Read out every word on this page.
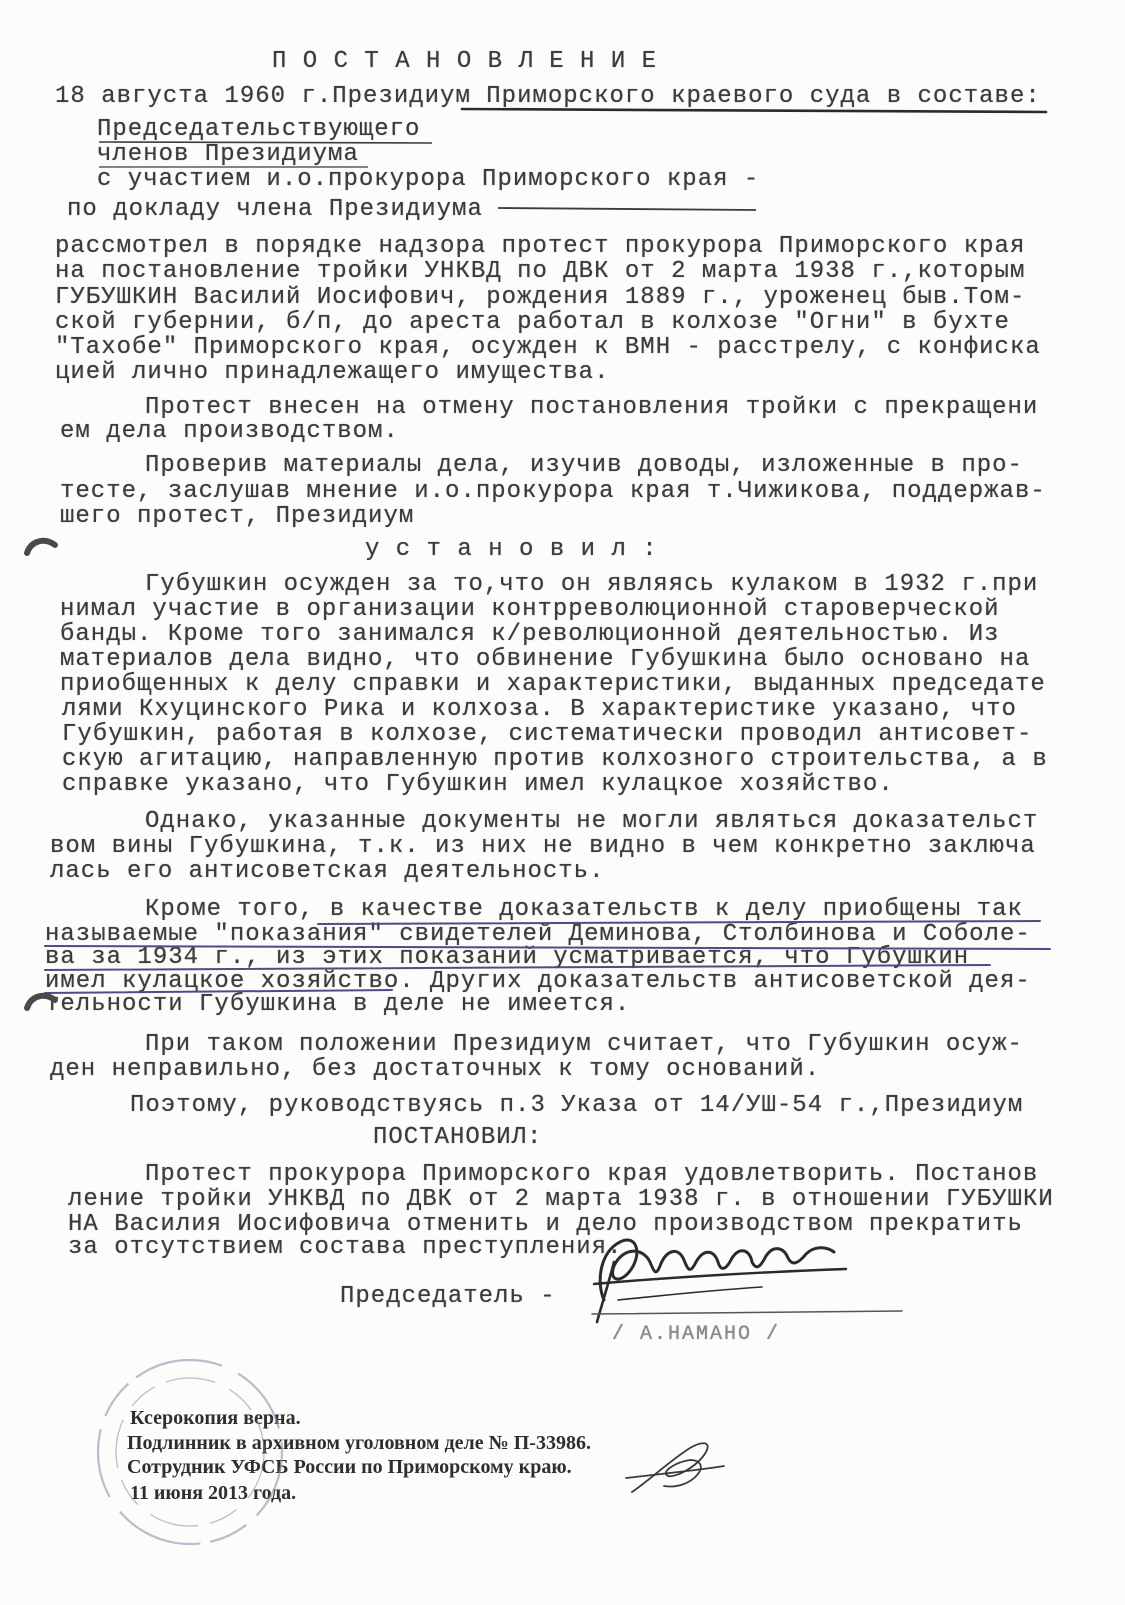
П О С Т А Н О В Л Е Н И Е
18 августа 1960 г.Президиум Приморского краевого суда в составе:
Председательствующего
членов Президиума
с участием и.о.прокурора Приморского края -
по докладу члена Президиума
рассмотрел в порядке надзора протест прокурора Приморского края
на постановление тройки УНКВД по ДВК от 2 марта 1938 г.,которым
ГУБУШКИН Василий Иосифович, рождения 1889 г., уроженец быв.Том-
ской губернии, б/п, до ареста работал в колхозе "Огни" в бухте
"Тахобе" Приморского края, осужден к ВМН - расстрелу, с конфиска
цией лично принадлежащего имущества.
Протест внесен на отмену постановления тройки с прекращени
ем дела производством.
Проверив материалы дела, изучив доводы, изложенные в про-
тесте, заслушав мнение и.о.прокурора края т.Чижикова, поддержав-
шего протест, Президиум
у с т а н о в и л :
Губушкин осужден за то,что он являясь кулаком в 1932 г.при
нимал участие в организации контрреволюционной староверческой
банды. Кроме того занимался к/революционной деятельностью. Из
материалов дела видно, что обвинение Губушкина было основано на
приобщенных к делу справки и характеристики, выданных председате
лями Кхуцинского Рика и колхоза. В характеристике указано, что
Губушкин, работая в колхозе, систематически проводил антисовет-
скую агитацию, направленную против колхозного строительства, а в
справке указано, что Губушкин имел кулацкое хозяйство.
Однако, указанные документы не могли являться доказательст
вом вины Губушкина, т.к. из них не видно в чем конкретно заключа
лась его антисоветская деятельность.
Кроме того, в качестве доказательств к делу приобщены так
называемые "показания" свидетелей Деминова, Столбинова и Соболе-
ва за 1934 г., из этих показаний усматривается, что Губушкин
имел кулацкое хозяйство. Других доказательств антисоветской дея-
тельности Губушкина в деле не имеется.
При таком положении Президиум считает, что Губушкин осуж-
ден неправильно, без достаточных к тому оснований.
Поэтому, руководствуясь п.3 Указа от 14/УШ-54 г.,Президиум
ПОСТАНОВИЛ:
Протест прокурора Приморского края удовлетворить. Постанов
ление тройки УНКВД по ДВК от 2 марта 1938 г. в отношении ГУБУШКИ
НА Василия Иосифовича отменить и дело производством прекратить
за отсутствием состава преступления.
Председатель -
/ А.НАМАНО /
Ксерокопия верна.
Подлинник в архивном уголовном деле № П-33986.
Сотрудник УФСБ России по Приморскому краю.
11 июня 2013 года.
